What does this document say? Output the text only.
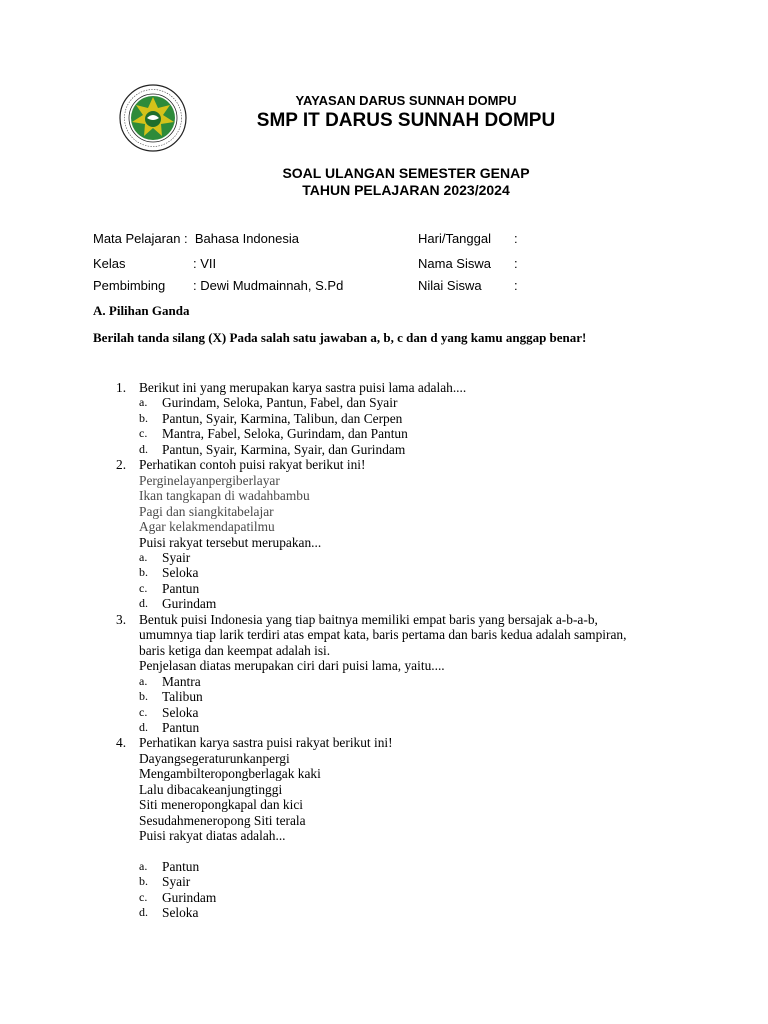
YAYASAN DARUS SUNNAH DOMPU
SMP IT DARUS SUNNAH DOMPU
SOAL ULANGAN SEMESTER GENAP
TAHUN PELAJARAN 2023/2024
Mata Pelajaran :  Bahasa Indonesia
Kelas	: VII
Pembimbing : Dewi Mudmainnah, S.Pd
Hari/Tanggal :
Nama Siswa :
Nilai Siswa :
A. Pilihan Ganda
Berilah tanda silang (X) Pada salah satu jawaban a, b, c dan d yang kamu anggap benar!
1. Berikut ini yang merupakan karya sastra puisi lama adalah....
a. Gurindam, Seloka, Pantun, Fabel, dan Syair
b. Pantun, Syair, Karmina, Talibun, dan Cerpen
c. Mantra, Fabel, Seloka, Gurindam, dan Pantun
d. Pantun, Syair, Karmina, Syair, dan Gurindam
2. Perhatikan contoh puisi rakyat berikut ini!
Perginelayanpergiberlayar
Ikan tangkapan di wadahbambu
Pagi dan siangkitabelajar
Agar kelakmendapatilmu
Puisi rakyat tersebut merupakan...
a. Syair
b. Seloka
c. Pantun
d. Gurindam
3. Bentuk puisi Indonesia yang tiap baitnya memiliki empat baris yang bersajak a-b-a-b,
umumnya tiap larik terdiri atas empat kata, baris pertama dan baris kedua adalah sampiran,
baris ketiga dan keempat adalah isi.
Penjelasan diatas merupakan ciri dari puisi lama, yaitu....
a. Mantra
b. Talibun
c. Seloka
d. Pantun
4. Perhatikan karya sastra puisi rakyat berikut ini!
Dayangsegeraturunkanpergi
Mengambilteropongberlagak kaki
Lalu dibacakeanjungtinggi
Siti meneropongkapal dan kici
Sesudahmeneropong Siti terala
Puisi rakyat diatas adalah...
a. Pantun
b. Syair
c. Gurindam
d. Seloka
